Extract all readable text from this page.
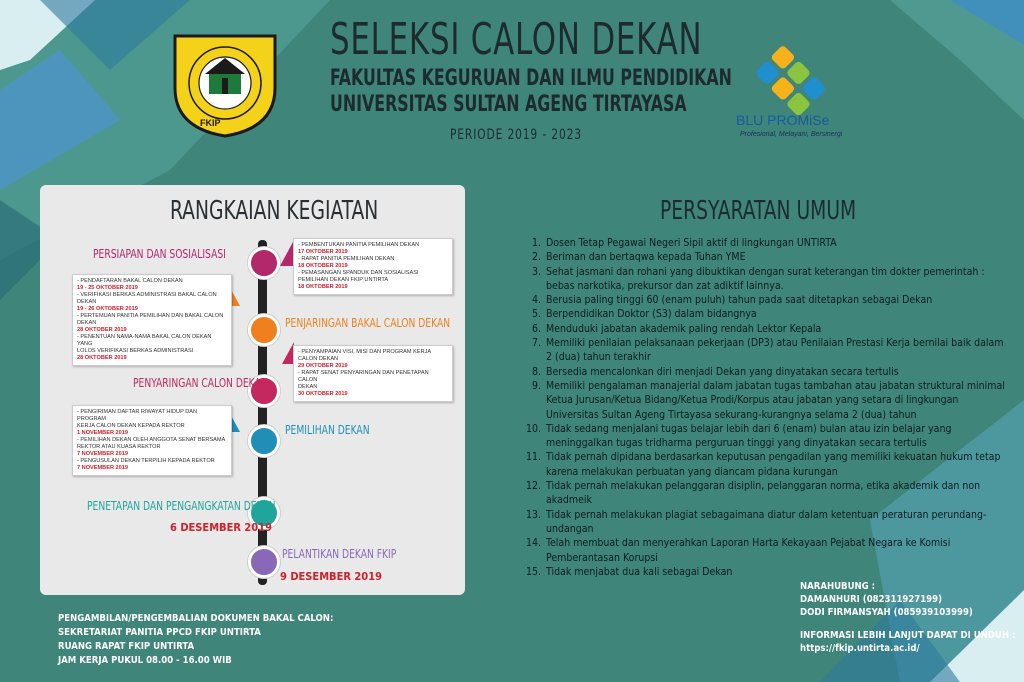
FKIP
SELEKSI CALON DEKAN
FAKULTAS KEGURUAN DAN ILMU PENDIDIKAN
UNIVERSITAS SULTAN AGENG TIRTAYASA
PERIODE 2019 - 2023
BLU PROMiSe
Profesional, Melayani, Bersinergi
RANGKAIAN KEGIATAN
PERSIAPAN DAN SOSIALISASI
PENJARINGAN BAKAL CALON DEKAN
PENYARINGAN CALON DEKAN
PEMILIHAN DEKAN
PENETAPAN DAN PENGANGKATAN DEKAN
6 DESEMBER 2019
PELANTIKAN DEKAN FKIP
9 DESEMBER 2019

- PEMBENTUKAN PANITIA PEMILIHAN DEKAN

17 OKTOBER 2019

- RAPAT PANITIA PEMILIHAN DEKAN

18 OKTOBER 2019

- PEMASANGAN SPANDUK DAN SOSIALISASI

PEMILIHAN DEKAN FKIP UNTIRTA

18 OKTOBER 2019

- PENDAFTARAN BAKAL CALON DEKAN

19 - 25 OKTOBER 2019

- VERIFIKASI BERKAS ADMINISTRASI BAKAL CALON DEKAN

19 - 26 OKTOBER 2019

- PERTEMUAN PANITIA PEMILIHAN DAN BAKAL CALON DEKAN

28 OKTOBER 2019

- PENENTUAN NAMA-NAMA BAKAL CALON DEKAN YANG

LOLOS VERIFIKASI BERKAS ADMINISTRASI

28 OKTOBER 2019

- PENYAMPAIAN VISI, MISI DAN PROGRAM KERJA

CALON DEKAN

29 OKTOBER 2019

- RAPAT SENAT PENYARINGAN DAN PENETAPAN CALON

DEKAN

30 OKTOBER 2019

- PENGIRIMAN DAFTAR RIWAYAT HIDUP DAN PROGRAM

KERJA CALON DEKAN KEPADA REKTOR

1 NOVEMBER 2019

- PEMILIHAN DEKAN OLEH ANGGOTA SENAT BERSAMA

REKTOR ATAU KUASA REKTOR

7 NOVEMBER 2019

- PENGUSULAN DEKAN TERPILIH KEPADA REKTOR

7 NOVEMBER 2019

PERSYARATAN UMUM
1. Dosen Tetap Pegawai Negeri Sipil aktif di lingkungan UNTIRTA
2. Beriman dan bertaqwa kepada Tuhan YME
3. Sehat jasmani dan rohani yang dibuktikan dengan surat keterangan tim dokter pemerintah : bebas narkotika, prekursor dan zat adiktif lainnya.
4. Berusia paling tinggi 60 (enam puluh) tahun pada saat ditetapkan sebagai Dekan
5. Berpendidikan Doktor (S3) dalam bidangnya
6. Menduduki jabatan akademik paling rendah Lektor Kepala
7. Memiliki penilaian pelaksanaan pekerjaan (DP3) atau Penilaian Prestasi Kerja bernilai baik dalam 2 (dua) tahun terakhir
8. Bersedia mencalonkan diri menjadi Dekan yang dinyatakan secara tertulis
9. Memiliki pengalaman manajerial dalam jabatan tugas tambahan atau jabatan struktural minimal Ketua Jurusan/Ketua Bidang/Ketua Prodi/Korpus atau jabatan yang setara di lingkungan Universitas Sultan Ageng Tirtayasa sekurang-kurangnya selama 2 (dua) tahun
10. Tidak sedang menjalani tugas belajar lebih dari 6 (enam) bulan atau izin belajar yang meninggalkan tugas tridharma perguruan tinggi yang dinyatakan secara tertulis
11. Tidak pernah dipidana berdasarkan keputusan pengadilan yang memiliki kekuatan hukum tetap karena melakukan perbuatan yang diancam pidana kurungan
12. Tidak pernah melakukan pelanggaran disiplin, pelanggaran norma, etika akademik dan non akadmeik
13. Tidak pernah melakukan plagiat sebagaimana diatur dalam ketentuan peraturan perundang-undangan
14. Telah membuat dan menyerahkan Laporan Harta Kekayaan Pejabat Negara ke Komisi Pemberantasan Korupsi
15. Tidak menjabat dua kali sebagai Dekan
PENGAMBILAN/PENGEMBALIAN DOKUMEN BAKAL CALON:
SEKRETARIAT PANITIA PPCD FKIP UNTIRTA
RUANG RAPAT FKIP UNTIRTA
JAM KERJA PUKUL 08.00 - 16.00 WIB
NARAHUBUNG :
DAMANHURI (082311927199)
DODI FIRMANSYAH (085939103999)
INFORMASI LEBIH LANJUT DAPAT DI UNDUH :
https://fkip.untirta.ac.id/
